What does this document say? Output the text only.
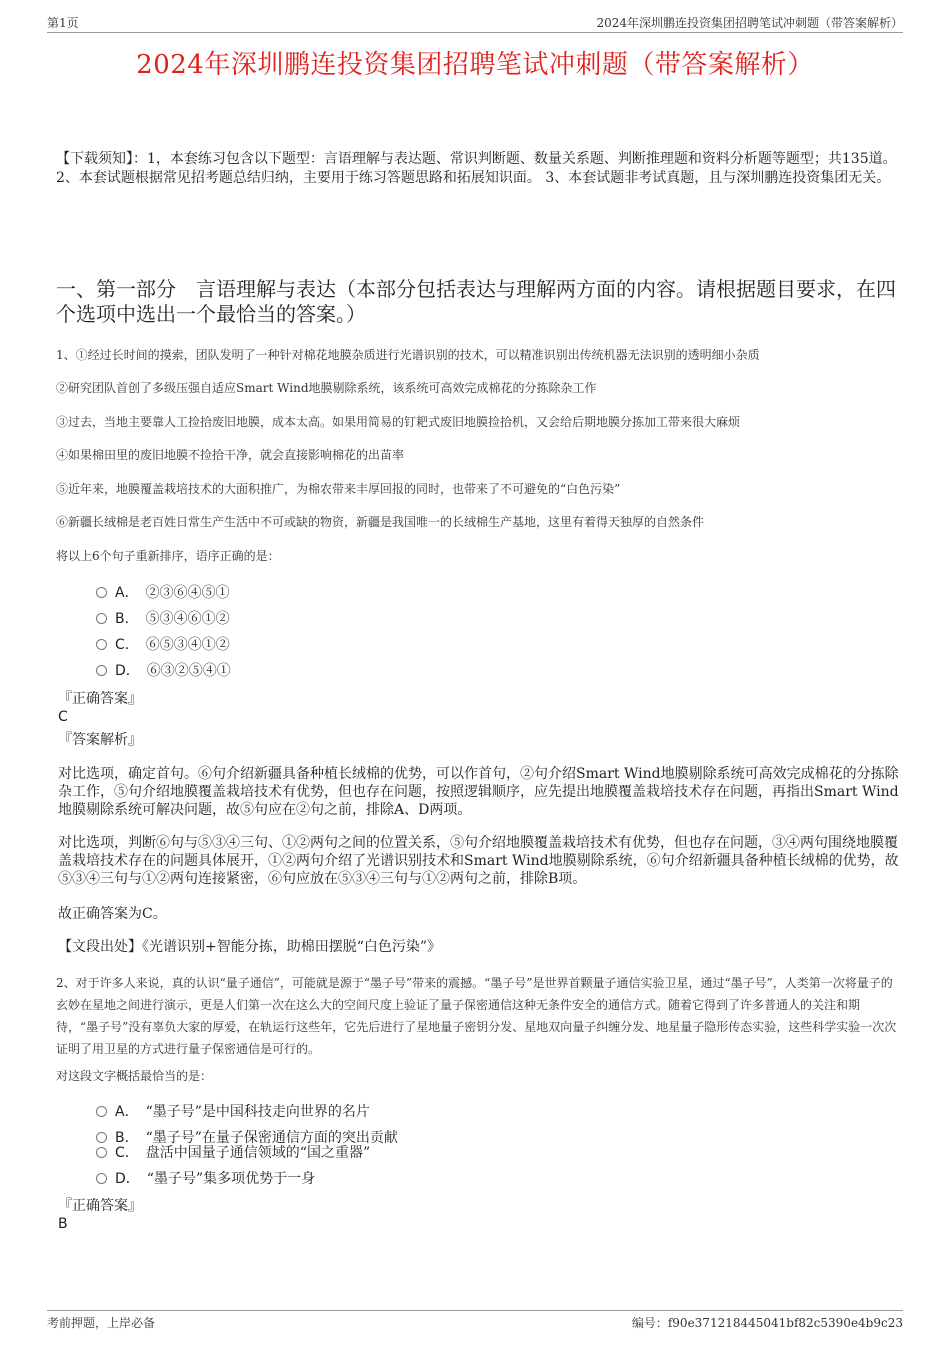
第1页	2024年深圳鹏连投资集团招聘笔试冲刺题（带答案解析）
2024年深圳鹏连投资集团招聘笔试冲刺题（带答案解析）
【下载须知】：1，本套练习包含以下题型：言语理解与表达题、常识判断题、数量关系题、判断推理题和资料分析题等题型；共135道。 2、本套试题根据常见招考题总结归纳，主要用于练习答题思路和拓展知识面。 3、本套试题非考试真题，且与深圳鹏连投资集团无关。
一、第一部分　言语理解与表达（本部分包括表达与理解两方面的内容。请根据题目要求，在四个选项中选出一个最恰当的答案。）
1、①经过长时间的摸索，团队发明了一种针对棉花地膜杂质进行光谱识别的技术，可以精准识别出传统机器无法识别的透明细小杂质
②研究团队首创了多级压强自适应Smart Wind地膜剔除系统，该系统可高效完成棉花的分拣除杂工作
③过去，当地主要靠人工捡拾废旧地膜，成本太高。如果用简易的钉耙式废旧地膜捡拾机，又会给后期地膜分拣加工带来很大麻烦
④如果棉田里的废旧地膜不捡拾干净，就会直接影响棉花的出苗率
⑤近年来，地膜覆盖栽培技术的大面积推广，为棉农带来丰厚回报的同时，也带来了不可避免的“白色污染”
⑥新疆长绒棉是老百姓日常生产生活中不可或缺的物资，新疆是我国唯一的长绒棉生产基地，这里有着得天独厚的自然条件
将以上6个句子重新排序，语序正确的是：
A．　 ②③⑥④⑤①
B．　 ⑤③④⑥①②
C．　 ⑥⑤③④①②
D．　 ⑥③②⑤④①
『正确答案』
C
『答案解析』
对比选项，确定首句。⑥句介绍新疆具备种植长绒棉的优势，可以作首句，②句介绍Smart Wind地膜剔除系统可高效完成棉花的分拣除杂工作，⑤句介绍地膜覆盖栽培技术有优势，但也存在问题，按照逻辑顺序，应先提出地膜覆盖栽培技术存在问题，再指出Smart Wind地膜剔除系统可解决问题，故⑤句应在②句之前，排除A、D两项。
对比选项，判断⑥句与⑤③④三句、①②两句之间的位置关系，⑤句介绍地膜覆盖栽培技术有优势，但也存在问题，③④两句围绕地膜覆盖栽培技术存在的问题具体展开，①②两句介绍了光谱识别技术和Smart Wind地膜剔除系统，⑥句介绍新疆具备种植长绒棉的优势，故⑤③④三句与①②两句连接紧密，⑥句应放在⑤③④三句与①②两句之前，排除B项。
故正确答案为C。
【文段出处】《光谱识别+智能分拣，助棉田摆脱“白色污染”》
2、对于许多人来说，真的认识“量子通信”，可能就是源于“墨子号”带来的震撼。“墨子号”是世界首颗量子通信实验卫星，通过“墨子号”，人类第一次将量子的玄妙在星地之间进行演示，更是人们第一次在这么大的空间尺度上验证了量子保密通信这种无条件安全的通信方式。随着它得到了许多普通人的关注和期待，“墨子号”没有辜负大家的厚爱，在轨运行这些年，它先后进行了星地量子密钥分发、星地双向量子纠缠分发、地星量子隐形传态实验，这些科学实验一次次证明了用卫星的方式进行量子保密通信是可行的。
对这段文字概括最恰当的是：
A．　 “墨子号”是中国科技走向世界的名片
B．　 “墨子号”在量子保密通信方面的突出贡献
C．　 盘活中国量子通信领域的“国之重器”
D．　 “墨子号”集多项优势于一身
『正确答案』
B
考前押题，上岸必备	编号：f90e371218445041bf82c5390e4b9c23
